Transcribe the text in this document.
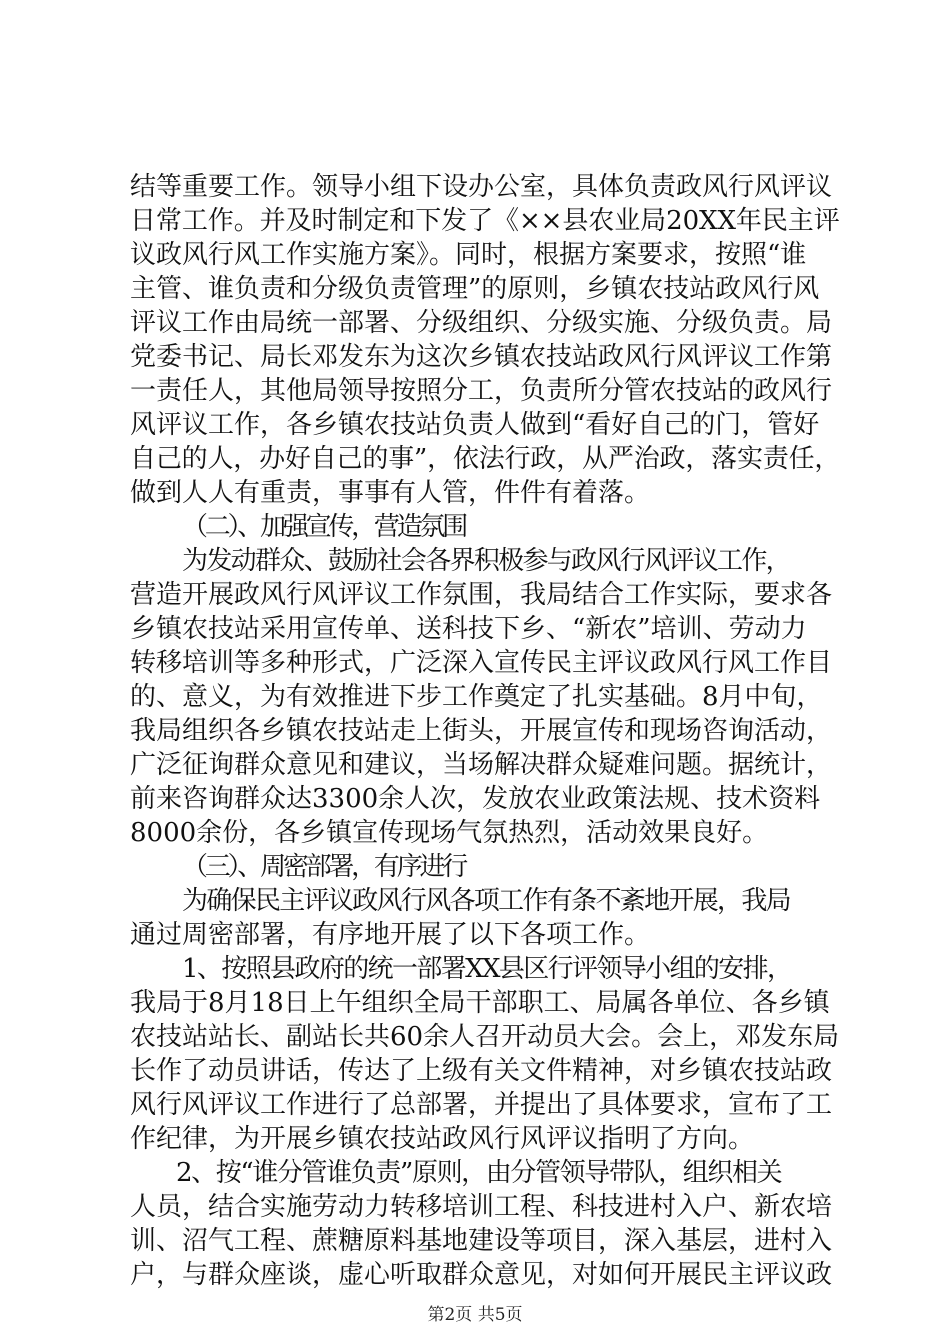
结等重要工作。领导小组下设办公室，具体负责政风行风评议
日常工作。并及时制定和下发了《××县农业局20XX年民主评
议政风行风工作实施方案》。同时，根据方案要求，按照“谁
主管、谁负责和分级负责管理”的原则，乡镇农技站政风行风
评议工作由局统一部署、分级组织、分级实施、分级负责。局
党委书记、局长邓发东为这次乡镇农技站政风行风评议工作第
一责任人，其他局领导按照分工，负责所分管农技站的政风行
风评议工作，各乡镇农技站负责人做到“看好自己的门，管好
自己的人，办好自己的事”，依法行政，从严治政，落实责任，
做到人人有重责，事事有人管，件件有着落。
（二）、加强宣传，营造氛围
为发动群众、鼓励社会各界积极参与政风行风评议工作，
营造开展政风行风评议工作氛围，我局结合工作实际，要求各
乡镇农技站采用宣传单、送科技下乡、“新农”培训、劳动力
转移培训等多种形式，广泛深入宣传民主评议政风行风工作目
的、意义，为有效推进下步工作奠定了扎实基础。8月中旬，
我局组织各乡镇农技站走上街头，开展宣传和现场咨询活动，
广泛征询群众意见和建议，当场解决群众疑难问题。据统计，
前来咨询群众达3300余人次，发放农业政策法规、技术资料
8000余份，各乡镇宣传现场气氛热烈，活动效果良好。
（三）、周密部署，有序进行
为确保民主评议政风行风各项工作有条不紊地开展，我局
通过周密部署，有序地开展了以下各项工作。
1、按照县政府的统一部署XX县区行评领导小组的安排，
我局于8月18日上午组织全局干部职工、局属各单位、各乡镇
农技站站长、副站长共60余人召开动员大会。会上，邓发东局
长作了动员讲话，传达了上级有关文件精神，对乡镇农技站政
风行风评议工作进行了总部署，并提出了具体要求，宣布了工
作纪律，为开展乡镇农技站政风行风评议指明了方向。
2、按“谁分管谁负责”原则，由分管领导带队，组织相关
人员，结合实施劳动力转移培训工程、科技进村入户、新农培
训、沼气工程、蔗糖原料基地建设等项目，深入基层，进村入
户，与群众座谈，虚心听取群众意见，对如何开展民主评议政
第2页 共5页
